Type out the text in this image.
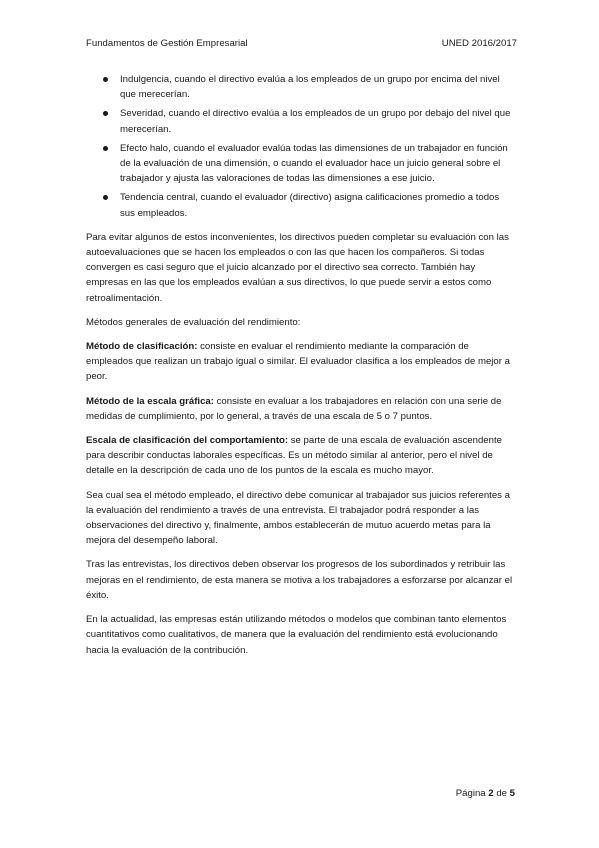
Fundamentos de Gestión Empresarial	UNED 2016/2017
Indulgencia, cuando el directivo evalúa a los empleados de un grupo por encima del nivel que merecerían.
Severidad, cuando el directivo evalúa a los empleados de un grupo por debajo del nivel que merecerían.
Efecto halo, cuando el evaluador evalúa todas las dimensiones de un trabajador en función de la evaluación de una dimensión, o cuando el evaluador hace un juicio general sobre el trabajador y ajusta las valoraciones de todas las dimensiones a ese juicio.
Tendencia central, cuando el evaluador (directivo) asigna calificaciones promedio a todos sus empleados.

Para evitar algunos de estos inconvenientes, los directivos pueden completar su evaluación con las autoevaluaciones que se hacen los empleados o con las que hacen los compañeros. Si todas convergen es casi seguro que el juicio alcanzado por el directivo sea correcto. También hay empresas en las que los empleados evalúan a sus directivos, lo que puede servir a estos como retroalimentación.

Métodos generales de evaluación del rendimiento:

Método de clasificación: consiste en evaluar el rendimiento mediante la comparación de empleados que realizan un trabajo igual o similar. El evaluador clasifica a los empleados de mejor a peor.

Método de la escala gráfica: consiste en evaluar a los trabajadores en relación con una serie de medidas de cumplimiento, por lo general, a través de una escala de 5 o 7 puntos.

Escala de clasificación del comportamiento: se parte de una escala de evaluación ascendente para describir conductas laborales específicas. Es un método similar al anterior, pero el nivel de detalle en la descripción de cada uno de los puntos de la escala es mucho mayor.

Sea cual sea el método empleado, el directivo debe comunicar al trabajador sus juicios referentes a la evaluación del rendimiento a través de una entrevista. El trabajador podrá responder a las observaciones del directivo y, finalmente, ambos establecerán de mutuo acuerdo metas para la mejora del desempeño laboral.

Tras las entrevistas, los directivos deben observar los progresos de los subordinados y retribuir las mejoras en el rendimiento, de esta manera se motiva a los trabajadores a esforzarse por alcanzar el éxito.

En la actualidad, las empresas están utilizando métodos o modelos que combinan tanto elementos cuantitativos como cualitativos, de manera que la evaluación del rendimiento está evolucionando hacia la evaluación de la contribución.

Página 2 de 5
